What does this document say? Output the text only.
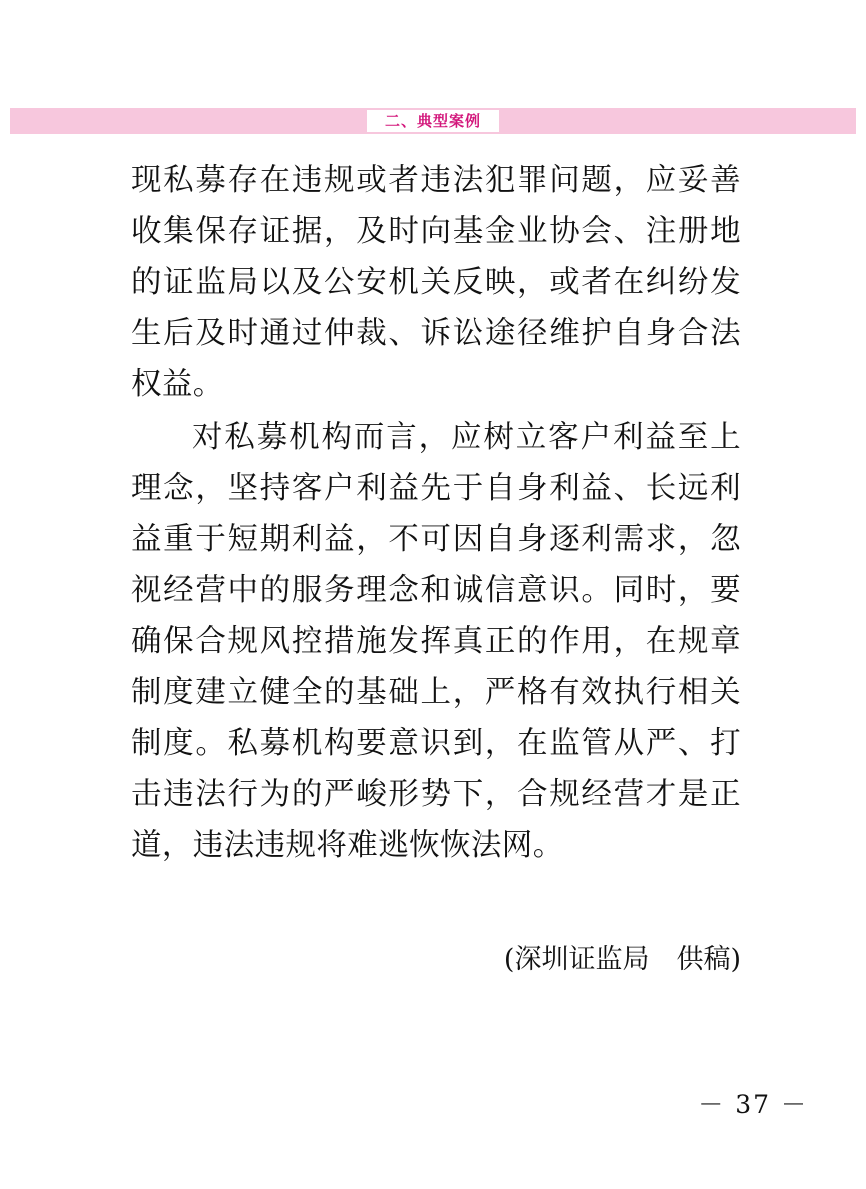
二、典型案例

现私募存在违规或者违法犯罪问题，应妥善收集保存证据，及时向基金业协会、注册地的证监局以及公安机关反映，或者在纠纷发生后及时通过仲裁、诉讼途径维护自身合法权益。

对私募机构而言，应树立客户利益至上理念，坚持客户利益先于自身利益、长远利益重于短期利益，不可因自身逐利需求，忽视经营中的服务理念和诚信意识。同时，要确保合规风控措施发挥真正的作用，在规章制度建立健全的基础上，严格有效执行相关制度。私募机构要意识到，在监管从严、打击违法行为的严峻形势下，合规经营才是正道，违法违规将难逃恢恢法网。

(深圳证监局　供稿)
－ 37 －
